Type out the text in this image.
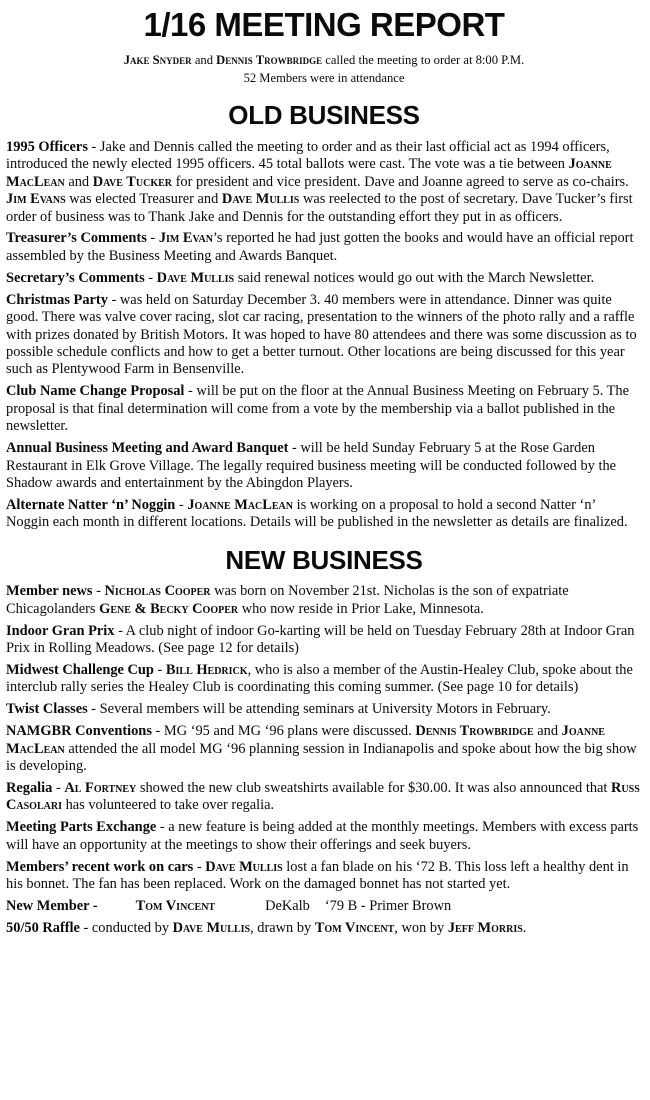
1/16 MEETING REPORT

Jake Snyder and Dennis Trowbridge called the meeting to order at 8:00 P.M.

52 Members were in attendance

OLD BUSINESS

1995 Officers - Jake and Dennis called the meeting to order and as their last official act as 1994 officers, introduced the newly elected 1995 officers. 45 total ballots were cast. The vote was a tie between Joanne MacLean and Dave Tucker for president and vice president. Dave and Joanne agreed to serve as co-chairs. Jim Evans was elected Treasurer and Dave Mullis was reelected to the post of secretary. Dave Tucker’s first order of business was to Thank Jake and Dennis for the outstanding effort they put in as officers.

Treasurer’s Comments - Jim Evan’s reported he had just gotten the books and would have an official report assembled by the Business Meeting and Awards Banquet.

Secretary’s Comments - Dave Mullis said renewal notices would go out with the March Newsletter.

Christmas Party - was held on Saturday December 3. 40 members were in attendance. Dinner was quite good. There was valve cover racing, slot car racing, presentation to the winners of the photo rally and a raffle with prizes donated by British Motors. It was hoped to have 80 attendees and there was some discussion as to possible schedule conflicts and how to get a better turnout. Other locations are being discussed for this year such as Plentywood Farm in Bensenville.

Club Name Change Proposal - will be put on the floor at the Annual Business Meeting on February 5. The proposal is that final determination will come from a vote by the membership via a ballot published in the newsletter.

Annual Business Meeting and Award Banquet - will be held Sunday February 5 at the Rose Garden Restaurant in Elk Grove Village. The legally required business meeting will be conducted followed by the Shadow awards and entertainment by the Abingdon Players.

Alternate Natter ‘n’ Noggin - Joanne MacLean is working on a proposal to hold a second Natter ‘n’ Noggin each month in different locations. Details will be published in the newsletter as details are finalized.

NEW BUSINESS

Member news - Nicholas Cooper was born on November 21st. Nicholas is the son of expatriate Chicagolanders Gene & Becky Cooper who now reside in Prior Lake, Minnesota.

Indoor Gran Prix - A club night of indoor Go-karting will be held on Tuesday February 28th at Indoor Gran Prix in Rolling Meadows. (See page 12 for details)

Midwest Challenge Cup - Bill Hedrick, who is also a member of the Austin-Healey Club, spoke about the interclub rally series the Healey Club is coordinating this coming summer. (See page 10 for details)

Twist Classes - Several members will be attending seminars at University Motors in February.

NAMGBR Conventions - MG ‘95 and MG ‘96 plans were discussed. Dennis Trowbridge and Joanne MacLean attended the all model MG ‘96 planning session in Indianapolis and spoke about how the big show is developing.

Regalia - Al Fortney showed the new club sweatshirts available for $30.00. It was also announced that Russ Casolari has volunteered to take over regalia.

Meeting Parts Exchange - a new feature is being added at the monthly meetings. Members with excess parts will have an opportunity at the meetings to show their offerings and seek buyers.

Members’ recent work on cars - Dave Mullis lost a fan blade on his ‘72 B. This loss left a healthy dent in his bonnet. The fan has been replaced. Work on the damaged bonnet has not started yet.

New Member -	Tom Vincent	DeKalb ‘79 B - Primer Brown

50/50 Raffle - conducted by Dave Mullis, drawn by Tom Vincent, won by Jeff Morris.
